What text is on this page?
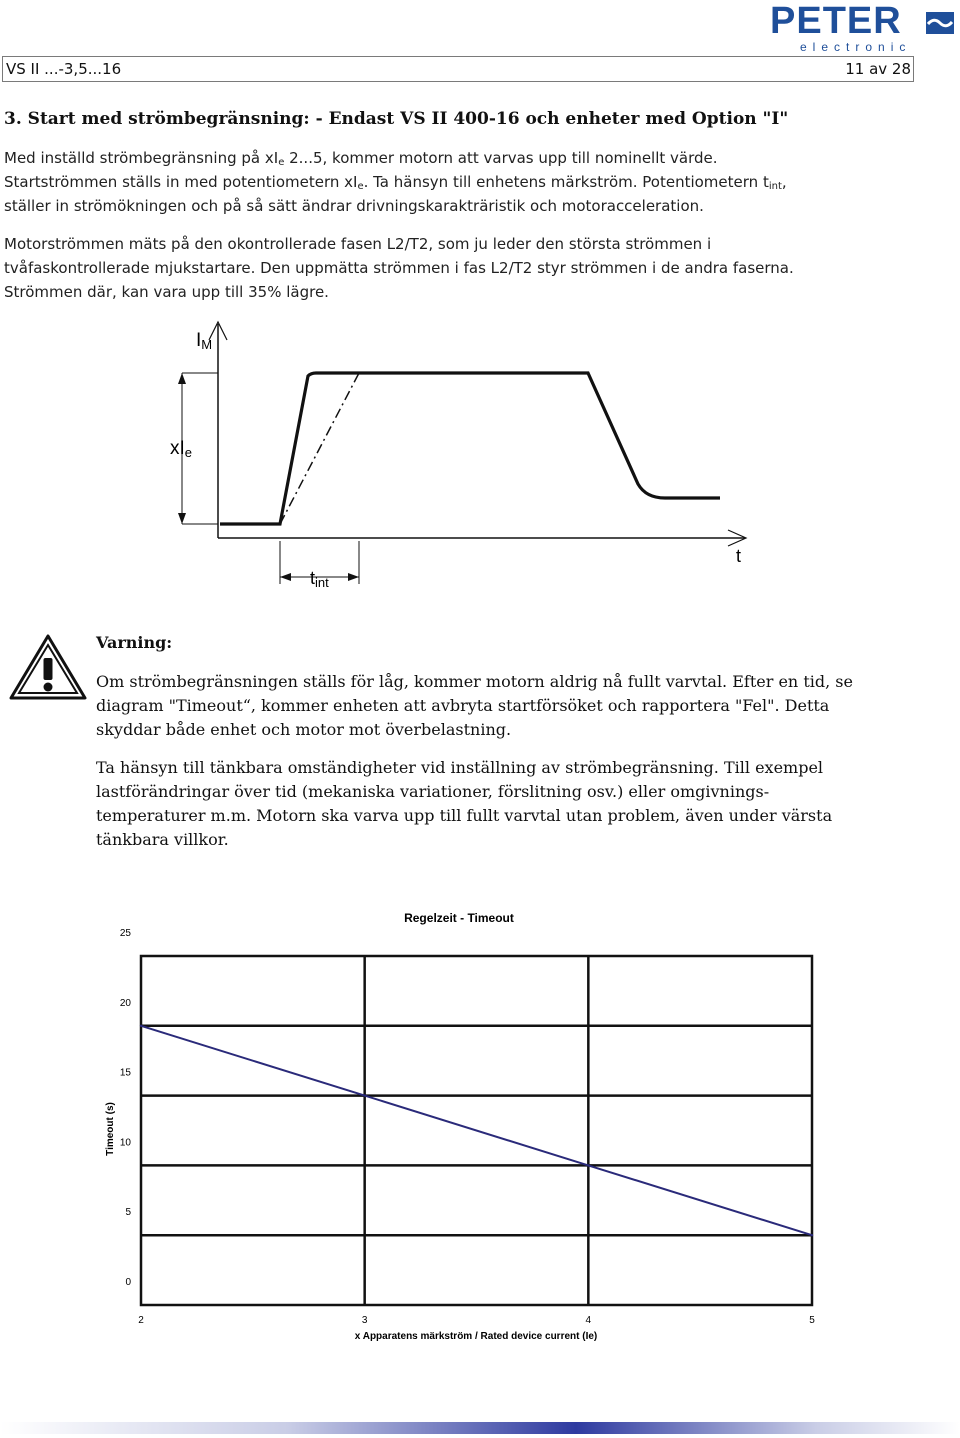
PETER
electronic
VS II ...-3,5...16	11 av 28
3. Start med strömbegränsning: - Endast VS II 400-16 och enheter med Option "I"
Med inställd strömbegränsning på $xI_e$ 2...5, kommer motorn att varvas upp till nominellt värde.
Startströmmen ställs in med potentiometern $xI_e$. Ta hänsyn till enhetens märkström. Potentiometern $t_{int}$,
ställer in strömökningen och på så sätt ändrar drivningskarakträristik och motoracceleration.
Motorströmmen mäts på den okontrollerade fasen L2/T2, som ju leder den största strömmen i
tvåfaskontrollerade mjukstartare. Den uppmätta strömmen i fas L2/T2 styr strömmen i de andra faserna.
Strömmen där, kan vara upp till 35% lägre.
IM
xIe
t
tint
Varning:
Om strömbegränsningen ställs för låg, kommer motorn aldrig nå fullt varvtal. Efter en tid, se
diagram "Timeout“, kommer enheten att avbryta startförsöket och rapportera "Fel". Detta
skyddar både enhet och motor mot överbelastning.
Ta hänsyn till tänkbara omständigheter vid inställning av strömbegränsning. Till exempel
lastförändringar över tid (mekaniska variationer, förslitning osv.) eller omgivnings-
temperaturer m.m. Motorn ska varva upp till fullt varvtal utan problem, även under värsta
tänkbara villkor.
Regelzeit - Timeout
Timeout (s)
x Apparatens märkström / Rated device current (Ie)
2	3	4	5
0
5
10
15
20
25
